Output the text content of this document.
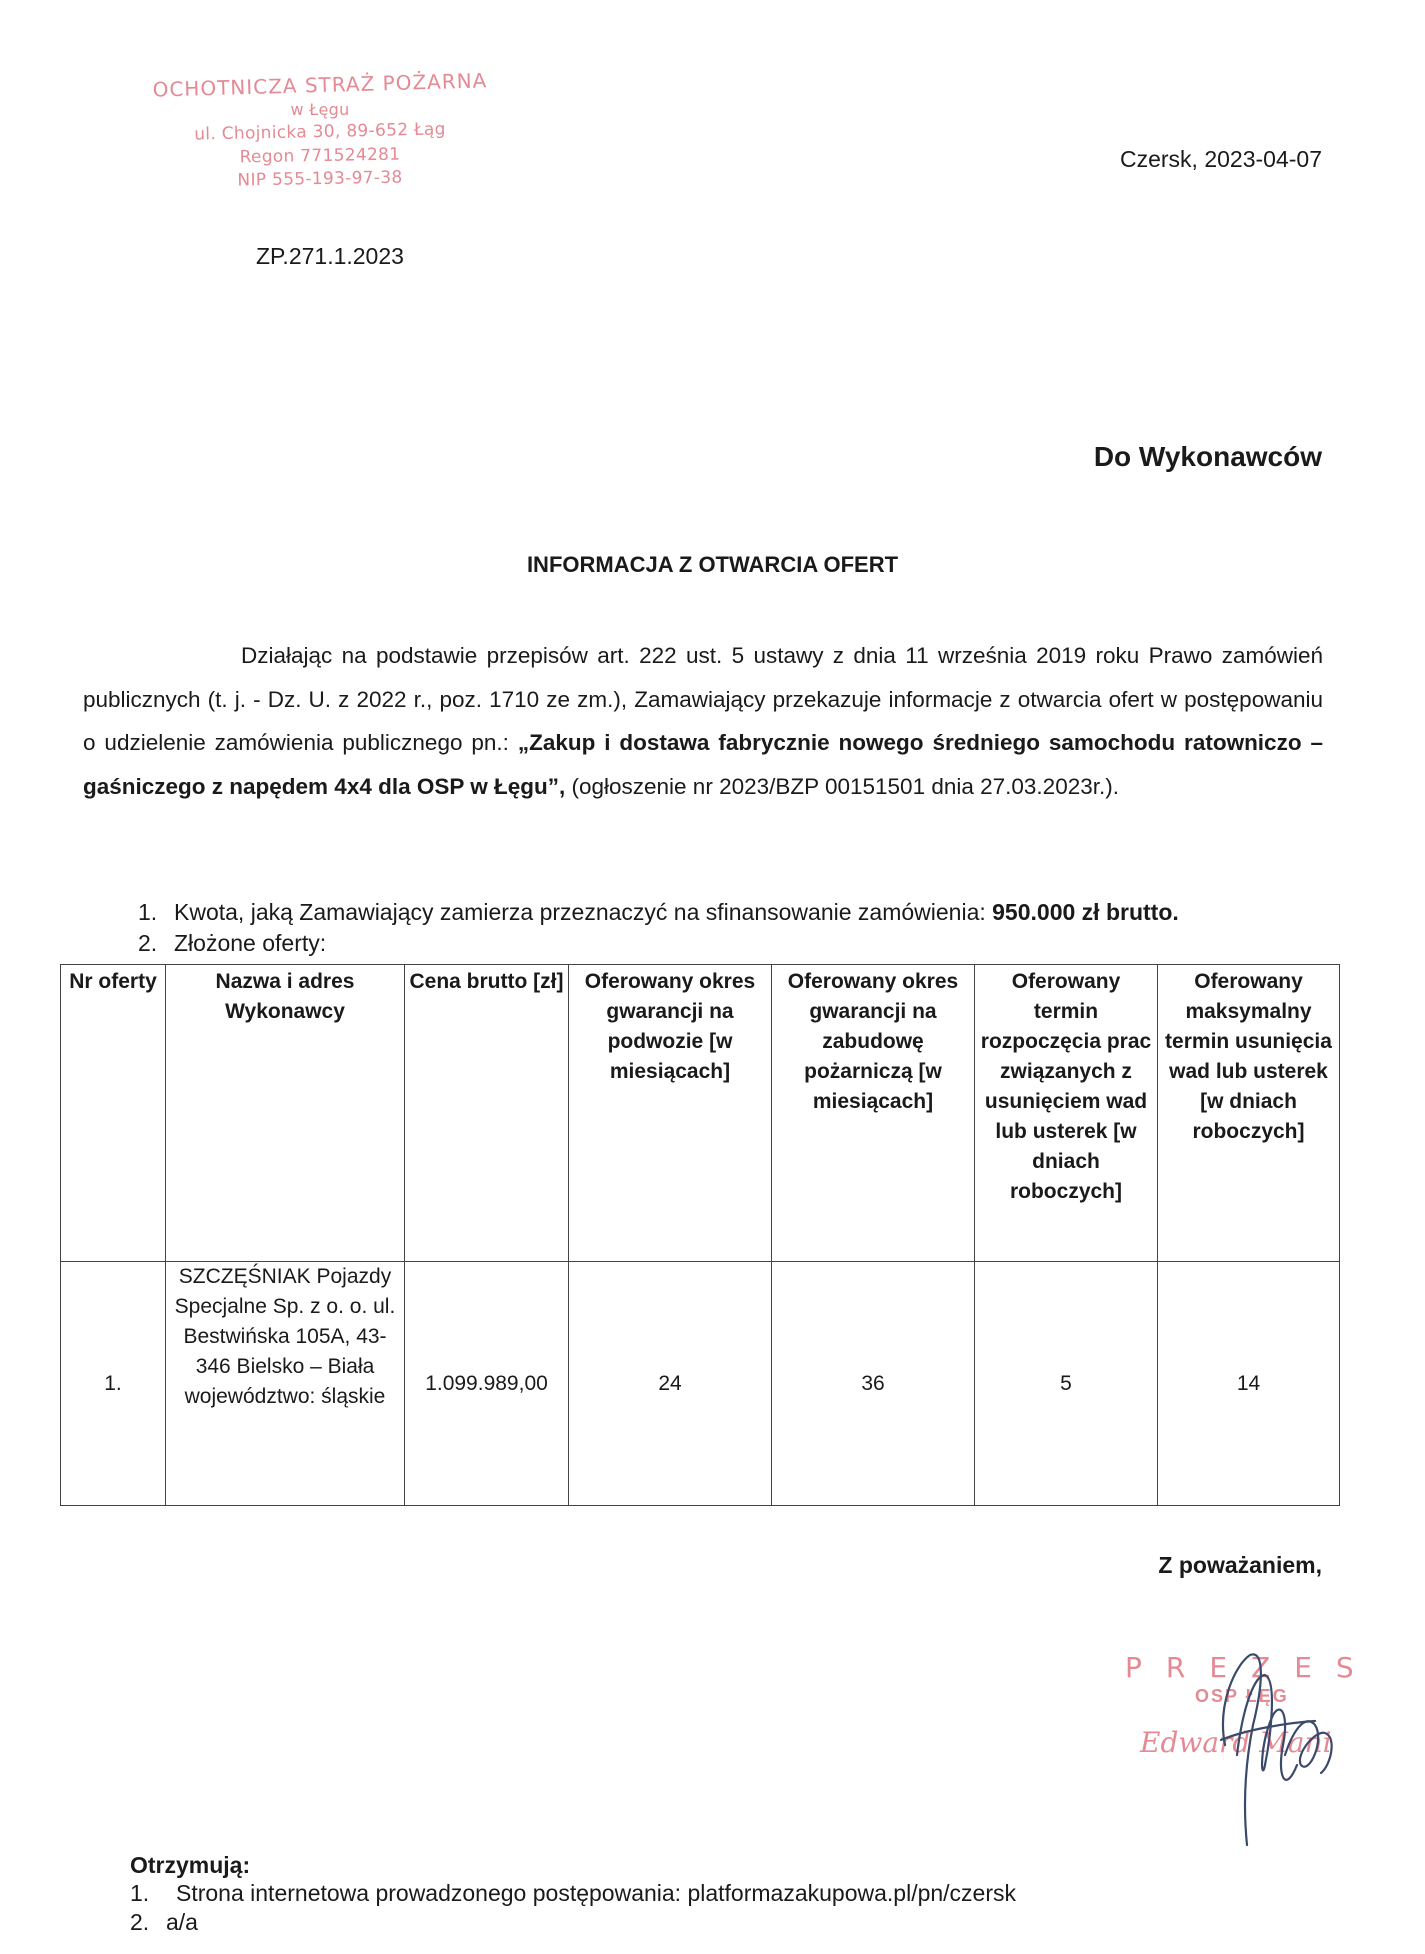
OCHOTNICZA STRAŻ POŻARNA
w Łęgu
ul. Chojnicka 30, 89-652 Łąg
Regon 771524281
NIP 555-193-97-38
Czersk, 2023-04-07
ZP.271.1.2023
Do Wykonawców
INFORMACJA Z OTWARCIA OFERT
Działając na podstawie przepisów art. 222 ust. 5 ustawy z dnia 11 września 2019 roku Prawo zamówień publicznych (t. j. - Dz. U. z 2022 r., poz. 1710 ze zm.), Zamawiający przekazuje informacje z otwarcia ofert w postępowaniu o udzielenie zamówienia publicznego pn.: „Zakup i dostawa fabrycznie nowego średniego samochodu ratowniczo – gaśniczego z napędem 4x4 dla OSP w Łęgu”, (ogłoszenie nr 2023/BZP 00151501 dnia 27.03.2023r.).
1. Kwota, jaką Zamawiający zamierza przeznaczyć na sfinansowanie zamówienia: 950.000 zł brutto.
2. Złożone oferty:
Nr oferty	Nazwa i adres Wykonawcy	Cena brutto [zł]	Oferowany okres gwarancji na podwozie [w miesiącach]	Oferowany okres gwarancji na zabudowę pożarniczą [w miesiącach]	Oferowany termin rozpoczęcia prac związanych z usunięciem wad lub usterek [w dniach roboczych]	Oferowany maksymalny termin usunięcia wad lub usterek [w dniach roboczych]
1.	SZCZĘŚNIAK Pojazdy Specjalne Sp. z o. o. ul. Bestwińska 105A, 43-346 Bielsko – Biała województwo: śląskie	1.099.989,00	24	36	5	14
Z poważaniem,
PREZES
OSP ŁĘG
Edward Mani
Otrzymują:
1. Strona internetowa prowadzonego postępowania: platformazakupowa.pl/pn/czersk
2. a/a
